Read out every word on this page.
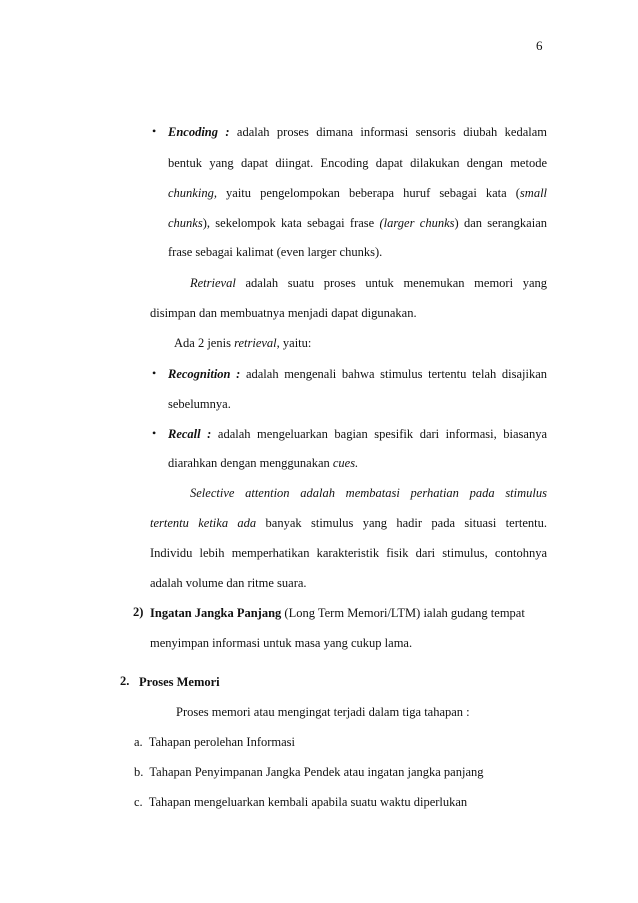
6
• Encoding : adalah proses dimana informasi sensoris diubah kedalam
bentuk yang dapat diingat. Encoding dapat dilakukan dengan metode
chunking, yaitu pengelompokan beberapa huruf sebagai kata (small
chunks), sekelompok kata sebagai frase (larger chunks) dan serangkaian
frase sebagai kalimat (even larger chunks).
Retrieval adalah suatu proses untuk menemukan memori yang
disimpan dan membuatnya menjadi dapat digunakan.
Ada 2 jenis retrieval, yaitu:
• Recognition : adalah mengenali bahwa stimulus tertentu telah disajikan
sebelumnya.
• Recall : adalah mengeluarkan bagian spesifik dari informasi, biasanya
diarahkan dengan menggunakan cues.
Selective attention adalah membatasi perhatian pada stimulus
tertentu ketika ada banyak stimulus yang hadir pada situasi tertentu.
Individu lebih memperhatikan karakteristik fisik dari stimulus, contohnya
adalah volume dan ritme suara.
2) Ingatan Jangka Panjang (Long Term Memori/LTM) ialah gudang tempat
menyimpan informasi untuk masa yang cukup lama.
2. Proses Memori
Proses memori atau mengingat terjadi dalam tiga tahapan :
a. Tahapan perolehan Informasi
b. Tahapan Penyimpanan Jangka Pendek atau ingatan jangka panjang
c. Tahapan mengeluarkan kembali apabila suatu waktu diperlukan
